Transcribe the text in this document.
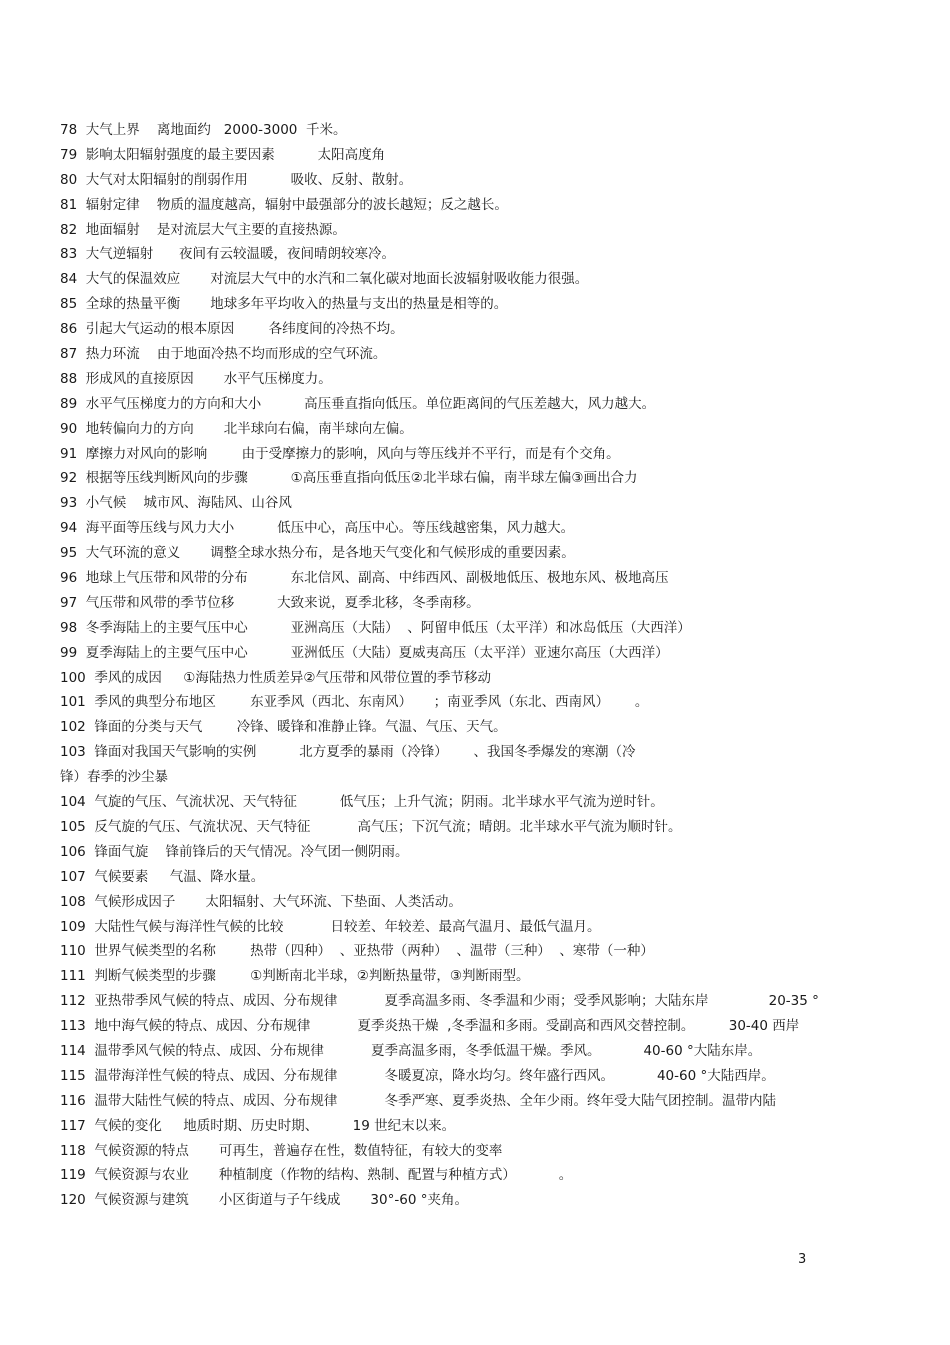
78  大气上界    离地面约   2000-3000  千米。
79  影响太阳辐射强度的最主要因素          太阳高度角
80  大气对太阳辐射的削弱作用          吸收、反射、散射。
81  辐射定律    物质的温度越高，辐射中最强部分的波长越短；反之越长。
82  地面辐射    是对流层大气主要的直接热源。
83  大气逆辐射      夜间有云较温暖，夜间晴朗较寒冷。
84  大气的保温效应       对流层大气中的水汽和二氧化碳对地面长波辐射吸收能力很强。
85  全球的热量平衡       地球多年平均收入的热量与支出的热量是相等的。
86  引起大气运动的根本原因        各纬度间的冷热不均。
87  热力环流    由于地面冷热不均而形成的空气环流。
88  形成风的直接原因       水平气压梯度力。
89  水平气压梯度力的方向和大小          高压垂直指向低压。单位距离间的气压差越大，风力越大。
90  地转偏向力的方向       北半球向右偏，南半球向左偏。
91  摩擦力对风向的影响        由于受摩擦力的影响，风向与等压线并不平行，而是有个交角。
92  根据等压线判断风向的步骤          ①高压垂直指向低压②北半球右偏，南半球左偏③画出合力
93  小气候    城市风、海陆风、山谷风
94  海平面等压线与风力大小          低压中心，高压中心。等压线越密集，风力越大。
95  大气环流的意义       调整全球水热分布，是各地天气变化和气候形成的重要因素。
96  地球上气压带和风带的分布          东北信风、副高、中纬西风、副极地低压、极地东风、极地高压
97  气压带和风带的季节位移          大致来说，夏季北移，冬季南移。
98  冬季海陆上的主要气压中心          亚洲高压（大陆）  、阿留申低压（太平洋）和冰岛低压（大西洋）
99  夏季海陆上的主要气压中心          亚洲低压（大陆）夏威夷高压（太平洋）亚速尔高压（大西洋）
100  季风的成因     ①海陆热力性质差异②气压带和风带位置的季节移动
101  季风的典型分布地区        东亚季风（西北、东南风）     ；南亚季风（东北、西南风）      。
102  锋面的分类与天气        冷锋、暖锋和准静止锋。气温、气压、天气。
103  锋面对我国天气影响的实例          北方夏季的暴雨（冷锋）      、我国冬季爆发的寒潮（冷
锋）春季的沙尘暴
104  气旋的气压、气流状况、天气特征          低气压；上升气流；阴雨。北半球水平气流为逆时针。
105  反气旋的气压、气流状况、天气特征           高气压；下沉气流；晴朗。北半球水平气流为顺时针。
106  锋面气旋    锋前锋后的天气情况。冷气团一侧阴雨。
107  气候要素     气温、降水量。
108  气候形成因子       太阳辐射、大气环流、下垫面、人类活动。
109  大陆性气候与海洋性气候的比较           日较差、年较差、最高气温月、最低气温月。
110  世界气候类型的名称        热带（四种）  、亚热带（两种）  、温带（三种）  、寒带（一种）
111  判断气候类型的步骤        ①判断南北半球，②判断热量带，③判断雨型。
112  亚热带季风气候的特点、成因、分布规律           夏季高温多雨、冬季温和少雨；受季风影响；大陆东岸              20-35 °
113  地中海气候的特点、成因、分布规律           夏季炎热干燥  ,冬季温和多雨。受副高和西风交替控制。        30-40 西岸
114  温带季风气候的特点、成因、分布规律           夏季高温多雨，冬季低温干燥。季风。          40-60 °大陆东岸。
115  温带海洋性气候的特点、成因、分布规律           冬暖夏凉，降水均匀。终年盛行西风。          40-60 °大陆西岸。
116  温带大陆性气候的特点、成因、分布规律           冬季严寒、夏季炎热、全年少雨。终年受大陆气团控制。温带内陆
117  气候的变化     地质时期、历史时期、        19 世纪末以来。
118  气候资源的特点       可再生，普遍存在性，数值特征，有较大的变率
119  气候资源与农业       种植制度（作物的结构、熟制、配置与种植方式）          。
120  气候资源与建筑       小区街道与子午线成       30°-60 °夹角。
3
